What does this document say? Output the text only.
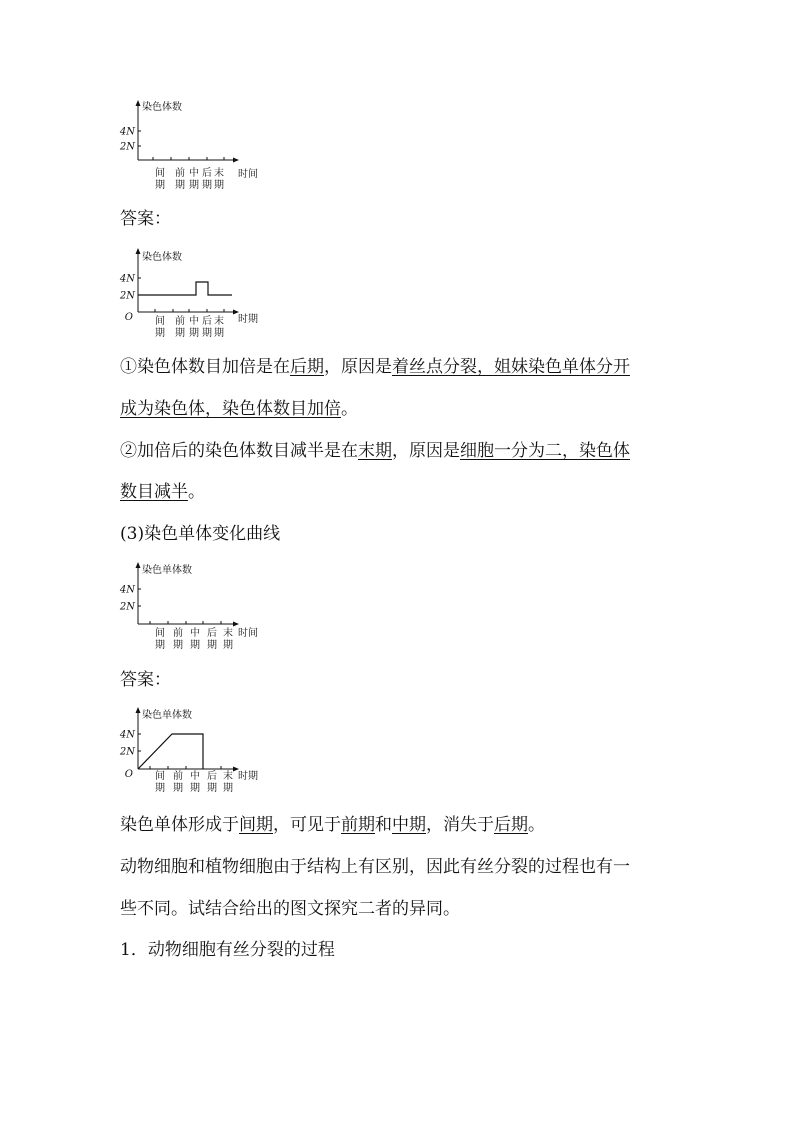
染色体数
4N
2N
时间
间
期
前
期
中
期
后
期
末
期
答案：
染色体数
4N
2N
O	时期
间
期
前
期
中
期
后
期
末
期
①染色体数目加倍是在后期，原因是着丝点分裂，姐妹染色单体分开
成为染色体，染色体数目加倍。
②加倍后的染色体数目减半是在末期，原因是细胞一分为二，染色体
数目减半。
(3)染色单体变化曲线
染色单体数
4N
2N
时间
间
期
前
期
中
期
后
期
末
期
答案：
染色单体数
4N
2N
O	时期
间
期
前
期
中
期
后
期
末
期
染色单体形成于间期，可见于前期和中期，消失于后期。
动物细胞和植物细胞由于结构上有区别，因此有丝分裂的过程也有一
些不同。试结合给出的图文探究二者的异同。
1．动物细胞有丝分裂的过程
